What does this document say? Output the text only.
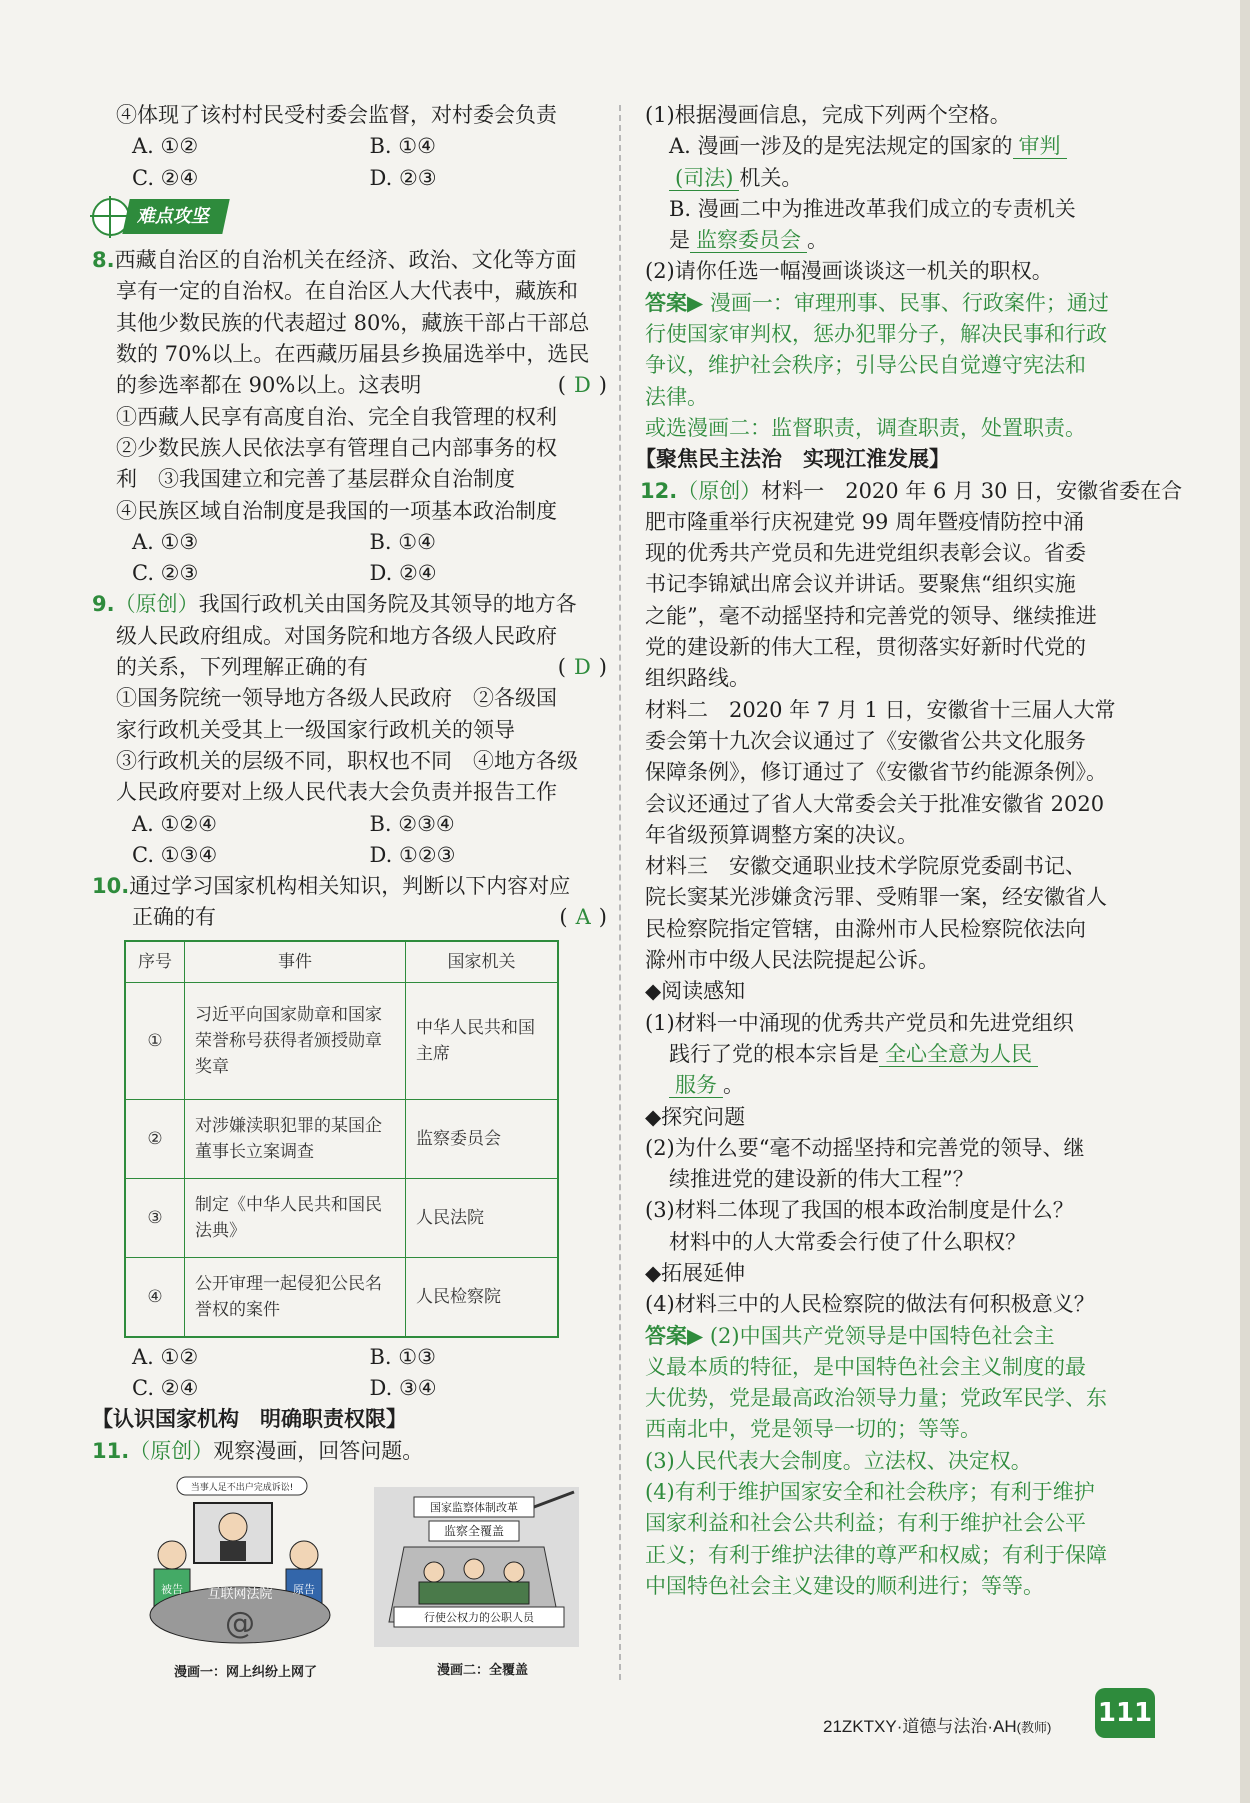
④体现了该村村民受村委会监督，对村委会负责
A. ①②	B. ①④
C. ②④	D. ②③
难点攻坚
8.西藏自治区的自治机关在经济、政治、文化等方面
享有一定的自治权。在自治区人大代表中，藏族和
其他少数民族的代表超过 80%，藏族干部占干部总
数的 70%以上。在西藏历届县乡换届选举中，选民
的参选率都在 90%以上。这表明	( D )
①西藏人民享有高度自治、完全自我管理的权利
②少数民族人民依法享有管理自己内部事务的权
利　③我国建立和完善了基层群众自治制度
④民族区域自治制度是我国的一项基本政治制度
A. ①③	B. ①④
C. ②③	D. ②④
9.（原创）我国行政机关由国务院及其领导的地方各
级人民政府组成。对国务院和地方各级人民政府
的关系，下列理解正确的有	( D )
①国务院统一领导地方各级人民政府　②各级国
家行政机关受其上一级国家行政机关的领导
③行政机关的层级不同，职权也不同　④地方各级
人民政府要对上级人民代表大会负责并报告工作
A. ①②④	B. ②③④
C. ①③④	D. ①②③
10.通过学习国家机构相关知识，判断以下内容对应
正确的有	( A )
序号	事件	国家机关
①	习近平向国家勋章和国家荣誉称号获得者颁授勋章奖章	中华人民共和国主席
②	对涉嫌渎职犯罪的某国企董事长立案调查	监察委员会
③	制定《中华人民共和国民法典》	人民法院
④	公开审理一起侵犯公民名誉权的案件	人民检察院
A. ①②	B. ①③
C. ②④	D. ③④
【认识国家机构　明确职责权限】
11.（原创）观察漫画，回答问题。
当事人足不出户完成诉讼!
互联网法院
被告	原告
@
漫画一：网上纠纷上网了
国家监察体制改革
监察全覆盖
行使公权力的公职人员
漫画二：全覆盖
(1)根据漫画信息，完成下列两个空格。
A. 漫画一涉及的是宪法规定的国家的 审判
(司法) 机关。
B. 漫画二中为推进改革我们成立的专责机关
是 监察委员会 。
(2)请你任选一幅漫画谈谈这一机关的职权。
答案▶ 漫画一：审理刑事、民事、行政案件；通过
行使国家审判权，惩办犯罪分子，解决民事和行政
争议，维护社会秩序；引导公民自觉遵守宪法和
法律。
或选漫画二：监督职责，调查职责，处置职责。
【聚焦民主法治　实现江淮发展】
12.（原创）材料一　2020 年 6 月 30 日，安徽省委在合
肥市隆重举行庆祝建党 99 周年暨疫情防控中涌
现的优秀共产党员和先进党组织表彰会议。省委
书记李锦斌出席会议并讲话。要聚焦“组织实施
之能”，毫不动摇坚持和完善党的领导、继续推进
党的建设新的伟大工程，贯彻落实好新时代党的
组织路线。
材料二　2020 年 7 月 1 日，安徽省十三届人大常
委会第十九次会议通过了《安徽省公共文化服务
保障条例》，修订通过了《安徽省节约能源条例》。
会议还通过了省人大常委会关于批准安徽省 2020
年省级预算调整方案的决议。
材料三　安徽交通职业技术学院原党委副书记、
院长窦某光涉嫌贪污罪、受贿罪一案，经安徽省人
民检察院指定管辖，由滁州市人民检察院依法向
滁州市中级人民法院提起公诉。
◆阅读感知
(1)材料一中涌现的优秀共产党员和先进党组织
践行了党的根本宗旨是 全心全意为人民
服务 。
◆探究问题
(2)为什么要“毫不动摇坚持和完善党的领导、继
续推进党的建设新的伟大工程”？
(3)材料二体现了我国的根本政治制度是什么？
材料中的人大常委会行使了什么职权？
◆拓展延伸
(4)材料三中的人民检察院的做法有何积极意义？
答案▶ (2)中国共产党领导是中国特色社会主
义最本质的特征，是中国特色社会主义制度的最
大优势，党是最高政治领导力量；党政军民学、东
西南北中，党是领导一切的；等等。
(3)人民代表大会制度。立法权、决定权。
(4)有利于维护国家安全和社会秩序；有利于维护
国家利益和社会公共利益；有利于维护社会公平
正义；有利于维护法律的尊严和权威；有利于保障
中国特色社会主义建设的顺利进行；等等。
21ZKTXY·道德与法治·AH(教师) 111
